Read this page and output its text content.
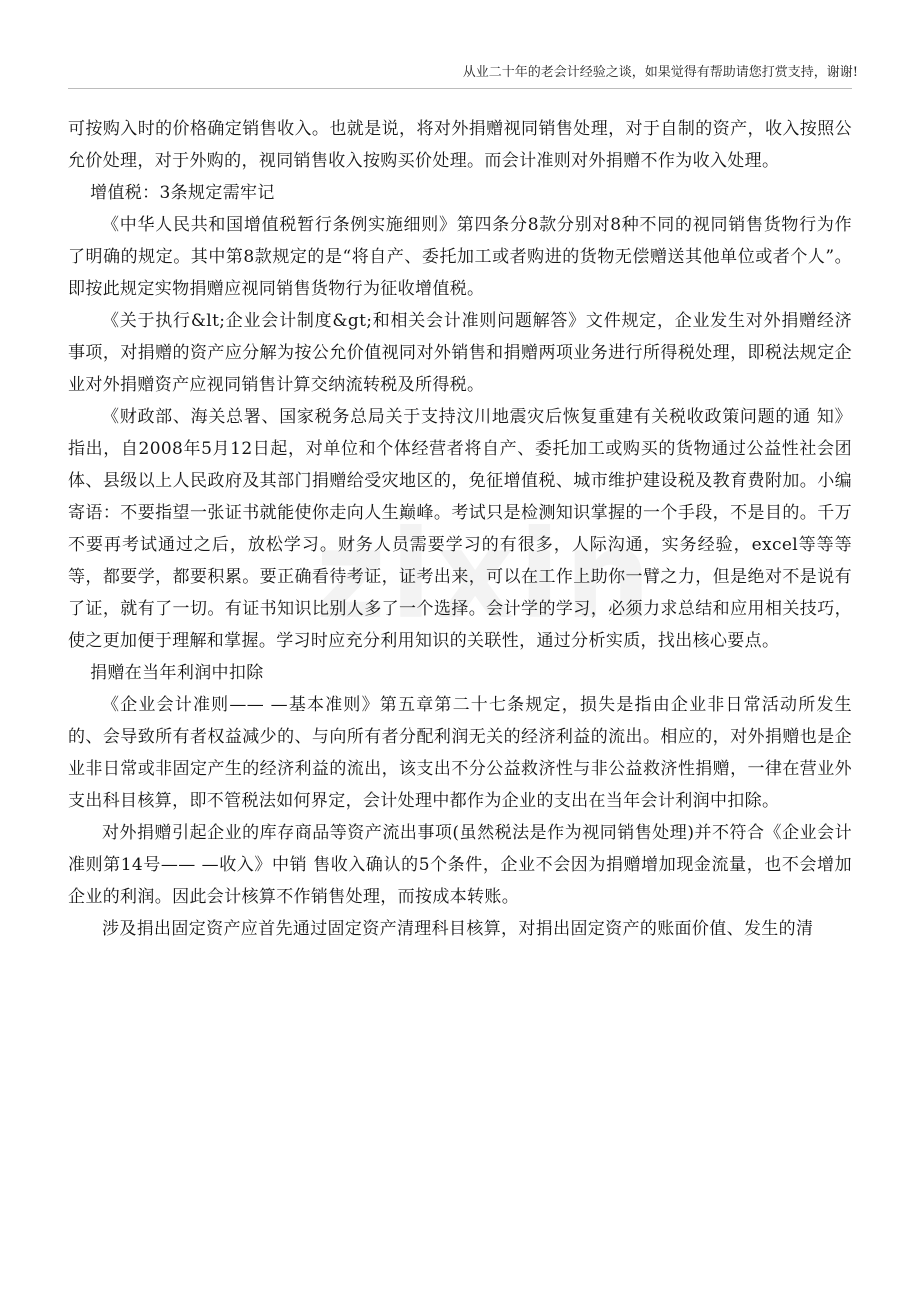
从业二十年的老会计经验之谈，如果觉得有帮助请您打赏支持，谢谢!

可按购入时的价格确定销售收入。也就是说，将对外捐赠视同销售处理，对于自制的资产，收入按照公允价处理，对于外购的，视同销售收入按购买价处理。而会计准则对外捐赠不作为收入处理。

增值税：3条规定需牢记

《中华人民共和国增值税暂行条例实施细则》第四条分8款分别对8种不同的视同销售货物行为作了明确的规定。其中第8款规定的是“将自产、委托加工或者购进的货物无偿赠送其他单位或者个人”。即按此规定实物捐赠应视同销售货物行为征收增值税。

《关于执行&lt;企业会计制度&gt;和相关会计准则问题解答》文件规定，企业发生对外捐赠经济事项，对捐赠的资产应分解为按公允价值视同对外销售和捐赠两项业务进行所得税处理，即税法规定企业对外捐赠资产应视同销售计算交纳流转税及所得税。

《财政部、海关总署、国家税务总局关于支持汶川地震灾后恢复重建有关税收政策问题的通 知》指出，自2008年5月12日起，对单位和个体经营者将自产、委托加工或购买的货物通过公益性社会团体、县级以上人民政府及其部门捐赠给受灾地区的，免征增值税、城市维护建设税及教育费附加。小编寄语：不要指望一张证书就能使你走向人生巅峰。考试只是检测知识掌握的一个手段，不是目的。千万不要再考试通过之后，放松学习。财务人员需要学习的有很多，人际沟通，实务经验，excel等等等等，都要学，都要积累。要正确看待考证，证考出来，可以在工作上助你一臂之力，但是绝对不是说有了证，就有了一切。有证书知识比别人多了一个选择。会计学的学习，必须力求总结和应用相关技巧，使之更加便于理解和掌握。学习时应充分利用知识的关联性，通过分析实质，找出核心要点。

捐赠在当年利润中扣除

《企业会计准则—— —基本准则》第五章第二十七条规定，损失是指由企业非日常活动所发生的、会导致所有者权益减少的、与向所有者分配利润无关的经济利益的流出。相应的，对外捐赠也是企业非日常或非固定产生的经济利益的流出，该支出不分公益救济性与非公益救济性捐赠，一律在营业外支出科目核算，即不管税法如何界定，会计处理中都作为企业的支出在当年会计利润中扣除。

对外捐赠引起企业的库存商品等资产流出事项(虽然税法是作为视同销售处理)并不符合《企业会计准则第14号—— —收入》中销 售收入确认的5个条件，企业不会因为捐赠增加现金流量，也不会增加企业的利润。因此会计核算不作销售处理，而按成本转账。

涉及捐出固定资产应首先通过固定资产清理科目核算，对捐出固定资产的账面价值、发生的清
